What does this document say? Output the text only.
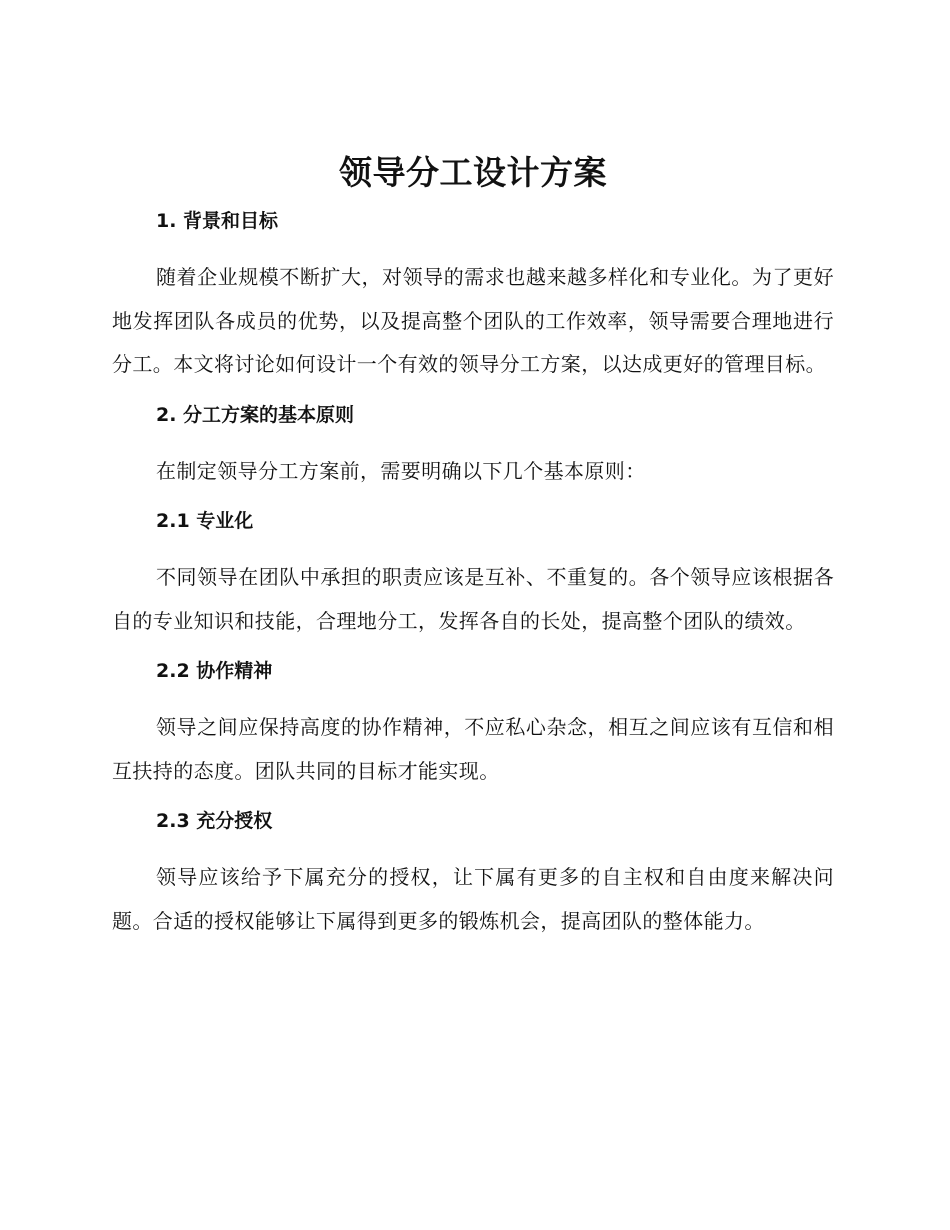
领导分工设计方案
1. 背景和目标

随着企业规模不断扩大，对领导的需求也越来越多样化和专业化。为了更好地发挥团队各成员的优势，以及提高整个团队的工作效率，领导需要合理地进行分工。本文将讨论如何设计一个有效的领导分工方案，以达成更好的管理目标。

2. 分工方案的基本原则

在制定领导分工方案前，需要明确以下几个基本原则：

2.1 专业化

不同领导在团队中承担的职责应该是互补、不重复的。各个领导应该根据各自的专业知识和技能，合理地分工，发挥各自的长处，提高整个团队的绩效。

2.2 协作精神

领导之间应保持高度的协作精神，不应私心杂念，相互之间应该有互信和相互扶持的态度。团队共同的目标才能实现。

2.3 充分授权

领导应该给予下属充分的授权，让下属有更多的自主权和自由度来解决问题。合适的授权能够让下属得到更多的锻炼机会，提高团队的整体能力。
